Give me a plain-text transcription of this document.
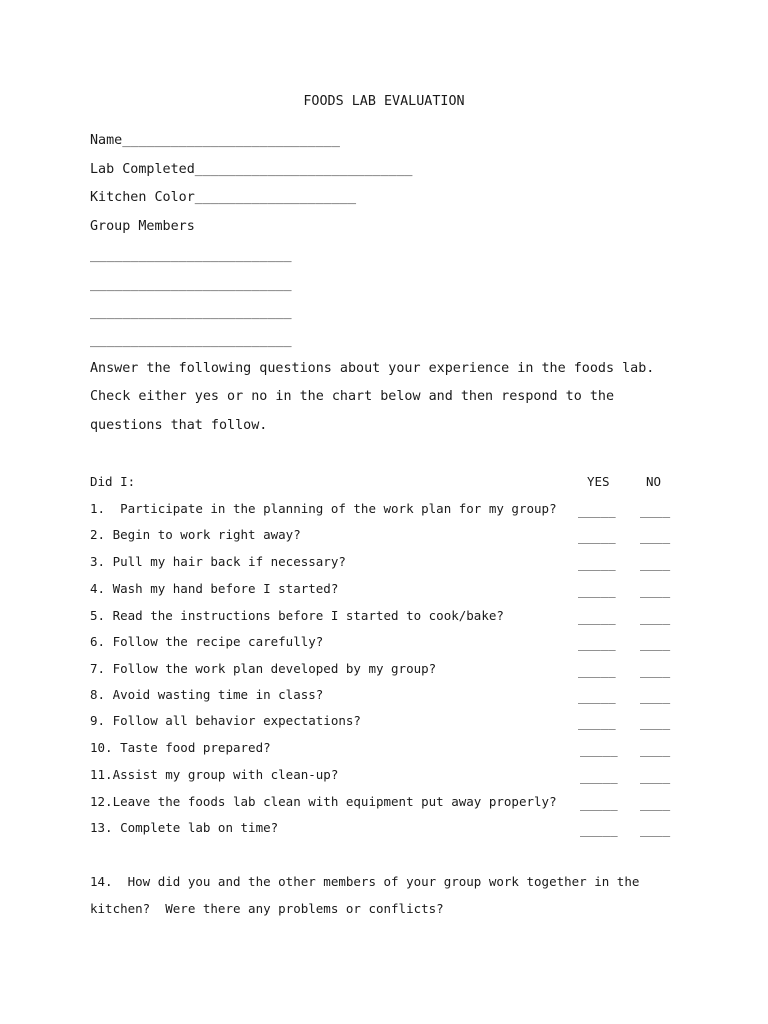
FOODS LAB EVALUATION
Name___________________________
Lab Completed___________________________
Kitchen Color____________________
Group Members
_________________________
_________________________
_________________________
_________________________
Answer the following questions about your experience in the foods lab.
Check either yes or no in the chart below and then respond to the
questions that follow.
Did I:	YES	NO
1.  Participate in the planning of the work plan for my group? _____ ____
2. Begin to work right away?	_____ ____
3. Pull my hair back if necessary?	_____ ____
4. Wash my hand before I started?	_____ ____
5. Read the instructions before I started to cook/bake?	_____ ____
6. Follow the recipe carefully?	_____ ____
7. Follow the work plan developed by my group?	_____ ____
8. Avoid wasting time in class?	_____ ____
9. Follow all behavior expectations?	_____ ____
10. Taste food prepared?	_____ ____
11.Assist my group with clean-up?	_____ ____
12.Leave the foods lab clean with equipment put away properly? _____ ____
13. Complete lab on time?	_____ ____
14.  How did you and the other members of your group work together in the
kitchen?  Were there any problems or conflicts?
